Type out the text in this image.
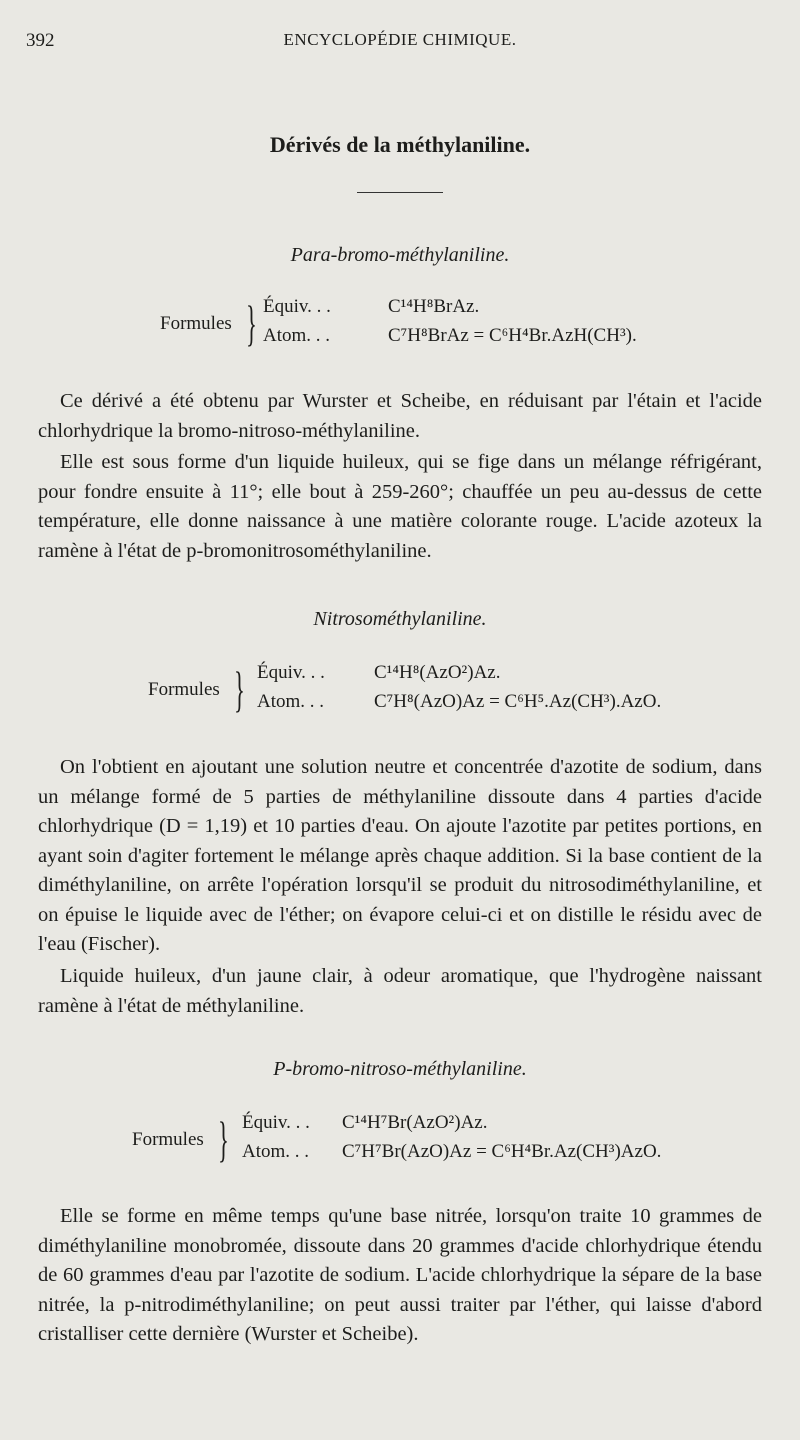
392	ENCYCLOPÉDIE CHIMIQUE.
Dérivés de la méthylaniline.
Para-bromo-méthylaniline.
Formules } Équiv. . .	C¹⁴H⁸BrAz.
Atom. . .	C⁷H⁸BrAz = C⁶H⁴Br.AzH(CH³).

Ce dérivé a été obtenu par Wurster et Scheibe, en réduisant par l'étain et l'acide chlorhydrique la bromo-nitroso-méthylaniline.

Elle est sous forme d'un liquide huileux, qui se fige dans un mélange réfrigérant, pour fondre ensuite à 11°; elle bout à 259-260°; chauffée un peu au-dessus de cette température, elle donne naissance à une matière colorante rouge. L'acide azoteux la ramène à l'état de p-bromonitrosométhylaniline.

Nitrosométhylaniline.
Formules } Équiv. . .	C¹⁴H⁸(AzO²)Az.
Atom. . .	C⁷H⁸(AzO)Az = C⁶H⁵.Az(CH³).AzO.

On l'obtient en ajoutant une solution neutre et concentrée d'azotite de sodium, dans un mélange formé de 5 parties de méthylaniline dissoute dans 4 parties d'acide chlorhydrique (D = 1,19) et 10 parties d'eau. On ajoute l'azotite par petites portions, en ayant soin d'agiter fortement le mélange après chaque addition. Si la base contient de la diméthylaniline, on arrête l'opération lorsqu'il se produit du nitrosodiméthylaniline, et on épuise le liquide avec de l'éther; on évapore celui-ci et on distille le résidu avec de l'eau (Fischer).

Liquide huileux, d'un jaune clair, à odeur aromatique, que l'hydrogène naissant ramène à l'état de méthylaniline.

P-bromo-nitroso-méthylaniline.
Formules } Équiv. . . C¹⁴H⁷Br(AzO²)Az.
Atom. . . C⁷H⁷Br(AzO)Az = C⁶H⁴Br.Az(CH³)AzO.

Elle se forme en même temps qu'une base nitrée, lorsqu'on traite 10 grammes de diméthylaniline monobromée, dissoute dans 20 grammes d'acide chlorhydrique étendu de 60 grammes d'eau par l'azotite de sodium. L'acide chlorhydrique la sépare de la base nitrée, la p-nitrodiméthylaniline; on peut aussi traiter par l'éther, qui laisse d'abord cristalliser cette dernière (Wurster et Scheibe).
